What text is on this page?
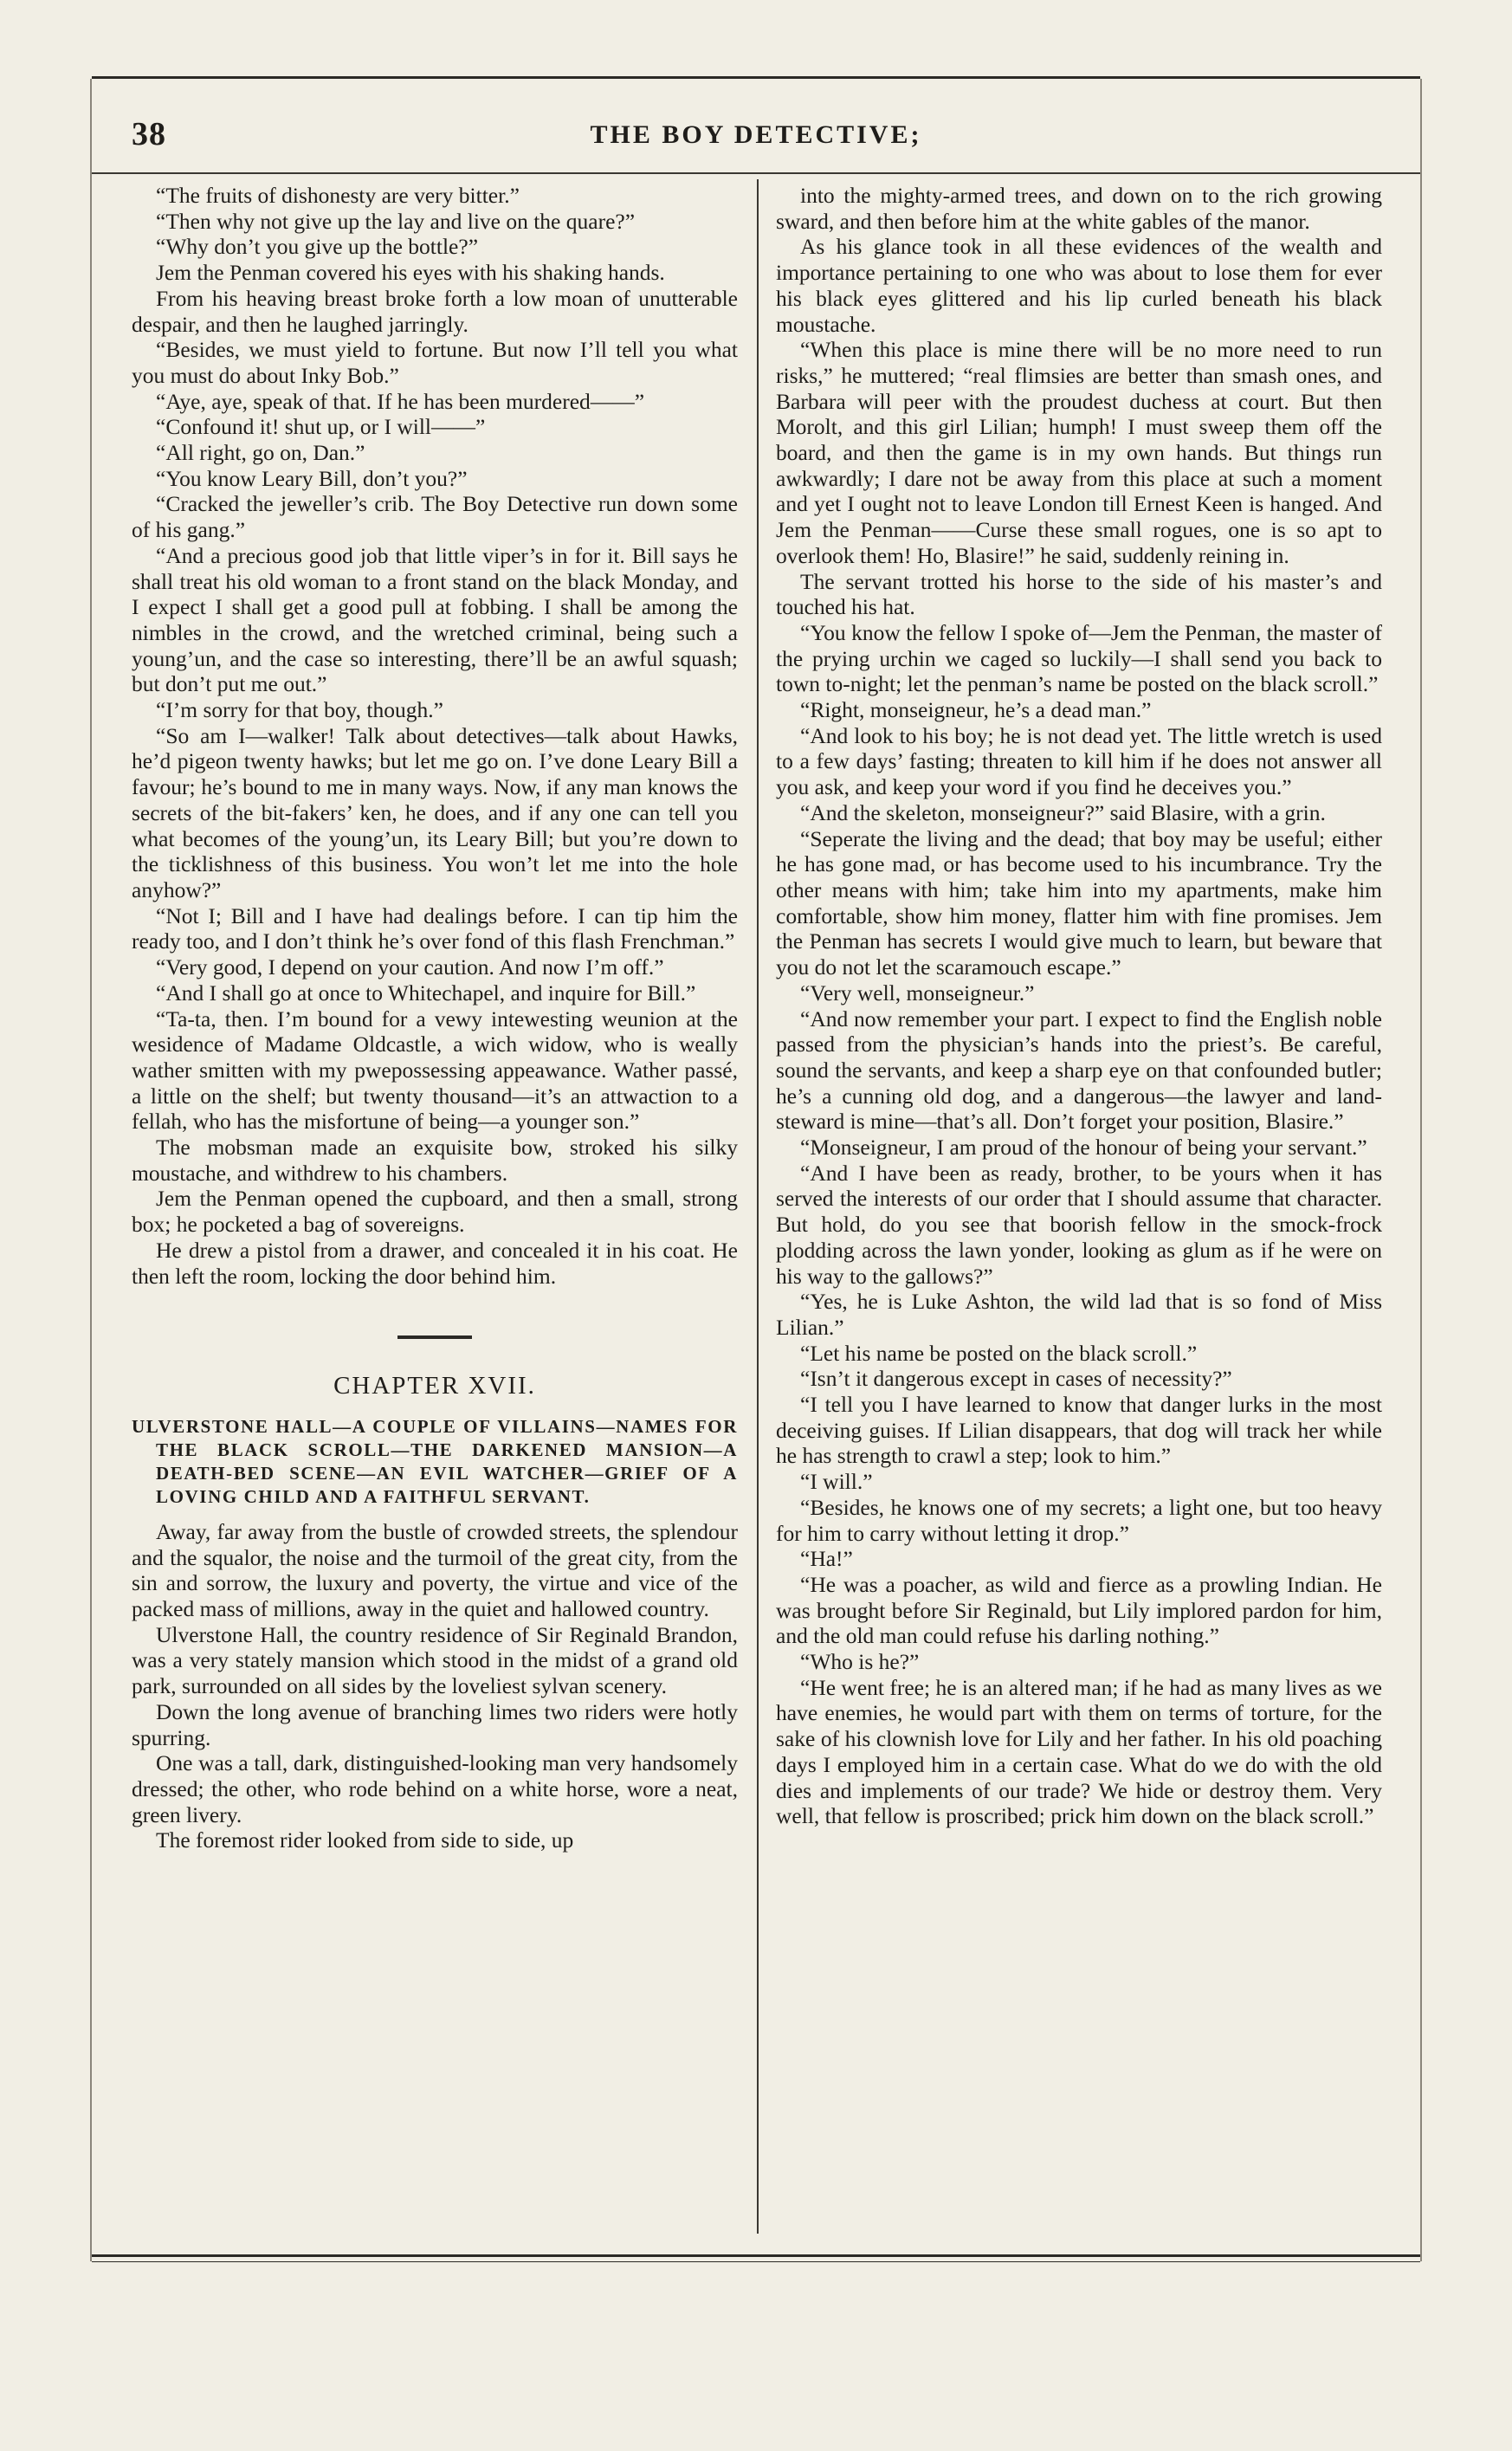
38	THE BOY DETECTIVE;

“The fruits of dishonesty are very bitter.”

“Then why not give up the lay and live on the quare?”

“Why don’t you give up the bottle?”

Jem the Penman covered his eyes with his shaking hands.

From his heaving breast broke forth a low moan of unutterable despair, and then he laughed jarringly.

“Besides, we must yield to fortune. But now I’ll tell you what you must do about Inky Bob.”

“Aye, aye, speak of that. If he has been murdered——”

“Confound it! shut up, or I will——”

“All right, go on, Dan.”

“You know Leary Bill, don’t you?”

“Cracked the jeweller’s crib. The Boy Detective run down some of his gang.”

“And a precious good job that little viper’s in for it. Bill says he shall treat his old woman to a front stand on the black Monday, and I expect I shall get a good pull at fobbing. I shall be among the nimbles in the crowd, and the wretched criminal, being such a young’un, and the case so interesting, there’ll be an awful squash; but don’t put me out.”

“I’m sorry for that boy, though.”

“So am I—walker! Talk about detectives—talk about Hawks, he’d pigeon twenty hawks; but let me go on. I’ve done Leary Bill a favour; he’s bound to me in many ways. Now, if any man knows the secrets of the bit-fakers’ ken, he does, and if any one can tell you what becomes of the young’un, its Leary Bill; but you’re down to the ticklishness of this business. You won’t let me into the hole anyhow?”

“Not I; Bill and I have had dealings before. I can tip him the ready too, and I don’t think he’s over fond of this flash Frenchman.”

“Very good, I depend on your caution. And now I’m off.”

“And I shall go at once to Whitechapel, and inquire for Bill.”

“Ta-ta, then. I’m bound for a vewy intewesting weunion at the wesidence of Madame Oldcastle, a wich widow, who is weally wather smitten with my pwepossessing appeawance. Wather passé, a little on the shelf; but twenty thousand—it’s an attwaction to a fellah, who has the misfortune of being—a younger son.”

The mobsman made an exquisite bow, stroked his silky moustache, and withdrew to his chambers.

Jem the Penman opened the cupboard, and then a small, strong box; he pocketed a bag of sovereigns.

He drew a pistol from a drawer, and concealed it in his coat. He then left the room, locking the door behind him.

CHAPTER XVII.

ULVERSTONE HALL—A COUPLE OF VILLAINS—NAMES FOR THE BLACK SCROLL—THE DARKENED MANSION—A DEATH-BED SCENE—AN EVIL WATCHER—GRIEF OF A LOVING CHILD AND A FAITHFUL SERVANT.

Away, far away from the bustle of crowded streets, the splendour and the squalor, the noise and the turmoil of the great city, from the sin and sorrow, the luxury and poverty, the virtue and vice of the packed mass of millions, away in the quiet and hallowed country.

Ulverstone Hall, the country residence of Sir Reginald Brandon, was a very stately mansion which stood in the midst of a grand old park, surrounded on all sides by the loveliest sylvan scenery.

Down the long avenue of branching limes two riders were hotly spurring.

One was a tall, dark, distinguished-looking man very handsomely dressed; the other, who rode behind on a white horse, wore a neat, green livery.

The foremost rider looked from side to side, up

into the mighty-armed trees, and down on to the rich growing sward, and then before him at the white gables of the manor.

As his glance took in all these evidences of the wealth and importance pertaining to one who was about to lose them for ever his black eyes glittered and his lip curled beneath his black moustache.

“When this place is mine there will be no more need to run risks,” he muttered; “real flimsies are better than smash ones, and Barbara will peer with the proudest duchess at court. But then Morolt, and this girl Lilian; humph! I must sweep them off the board, and then the game is in my own hands. But things run awkwardly; I dare not be away from this place at such a moment and yet I ought not to leave London till Ernest Keen is hanged. And Jem the Penman——Curse these small rogues, one is so apt to overlook them! Ho, Blasire!” he said, suddenly reining in.

The servant trotted his horse to the side of his master’s and touched his hat.

“You know the fellow I spoke of—Jem the Penman, the master of the prying urchin we caged so luckily—I shall send you back to town to-night; let the penman’s name be posted on the black scroll.”

“Right, monseigneur, he’s a dead man.”

“And look to his boy; he is not dead yet. The little wretch is used to a few days’ fasting; threaten to kill him if he does not answer all you ask, and keep your word if you find he deceives you.”

“And the skeleton, monseigneur?” said Blasire, with a grin.

“Seperate the living and the dead; that boy may be useful; either he has gone mad, or has become used to his incumbrance. Try the other means with him; take him into my apartments, make him comfortable, show him money, flatter him with fine promises. Jem the Penman has secrets I would give much to learn, but beware that you do not let the scaramouch escape.”

“Very well, monseigneur.”

“And now remember your part. I expect to find the English noble passed from the physician’s hands into the priest’s. Be careful, sound the servants, and keep a sharp eye on that confounded butler; he’s a cunning old dog, and a dangerous—the lawyer and land-steward is mine—that’s all. Don’t forget your position, Blasire.”

“Monseigneur, I am proud of the honour of being your servant.”

“And I have been as ready, brother, to be yours when it has served the interests of our order that I should assume that character. But hold, do you see that boorish fellow in the smock-frock plodding across the lawn yonder, looking as glum as if he were on his way to the gallows?”

“Yes, he is Luke Ashton, the wild lad that is so fond of Miss Lilian.”

“Let his name be posted on the black scroll.”

“Isn’t it dangerous except in cases of necessity?”

“I tell you I have learned to know that danger lurks in the most deceiving guises. If Lilian disappears, that dog will track her while he has strength to crawl a step; look to him.”

“I will.”

“Besides, he knows one of my secrets; a light one, but too heavy for him to carry without letting it drop.”

“Ha!”

“He was a poacher, as wild and fierce as a prowling Indian. He was brought before Sir Reginald, but Lily implored pardon for him, and the old man could refuse his darling nothing.”

“Who is he?”

“He went free; he is an altered man; if he had as many lives as we have enemies, he would part with them on terms of torture, for the sake of his clownish love for Lily and her father. In his old poaching days I employed him in a certain case. What do we do with the old dies and implements of our trade? We hide or destroy them. Very well, that fellow is proscribed; prick him down on the black scroll.”
